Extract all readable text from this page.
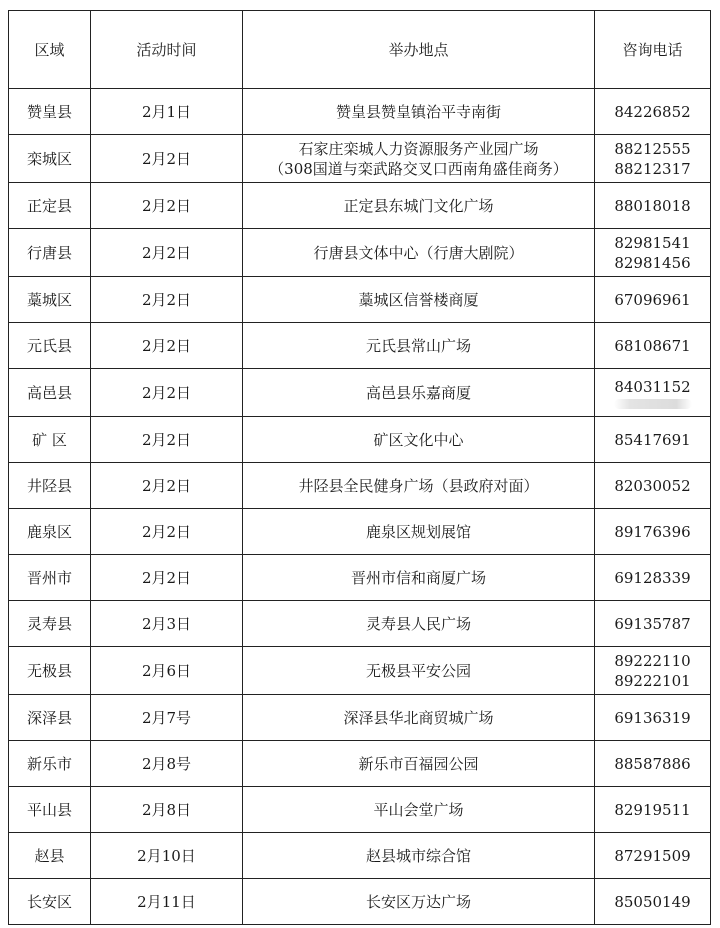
区域	活动时间	举办地点	咨询电话
赞皇县	2月1日	赞皇县赞皇镇治平寺南街	84226852

栾城区	2月2日	石家庄栾城人力资源服务产业园广场
（308国道与栾武路交叉口西南角盛佳商务）	88212555
88212317

正定县	2月2日	正定县东城门文化广场	88018018

行唐县	2月2日	行唐县文体中心（行唐大剧院）	82981541
82981456

藁城区	2月2日	藁城区信誉楼商厦	67096961

元氏县	2月2日	元氏县常山广场	68108671

高邑县	2月2日	高邑县乐嘉商厦	84031152

矿 区	2月2日	矿区文化中心	85417691

井陉县	2月2日	井陉县全民健身广场（县政府对面）	82030052

鹿泉区	2月2日	鹿泉区规划展馆	89176396

晋州市	2月2日	晋州市信和商厦广场	69128339

灵寿县	2月3日	灵寿县人民广场	69135787

无极县	2月6日	无极县平安公园	89222110
89222101

深泽县	2月7号	深泽县华北商贸城广场	69136319

新乐市	2月8号	新乐市百福园公园	88587886

平山县	2月8日	平山会堂广场	82919511

赵县	2月10日	赵县城市综合馆	87291509

长安区	2月11日	长安区万达广场	85050149
